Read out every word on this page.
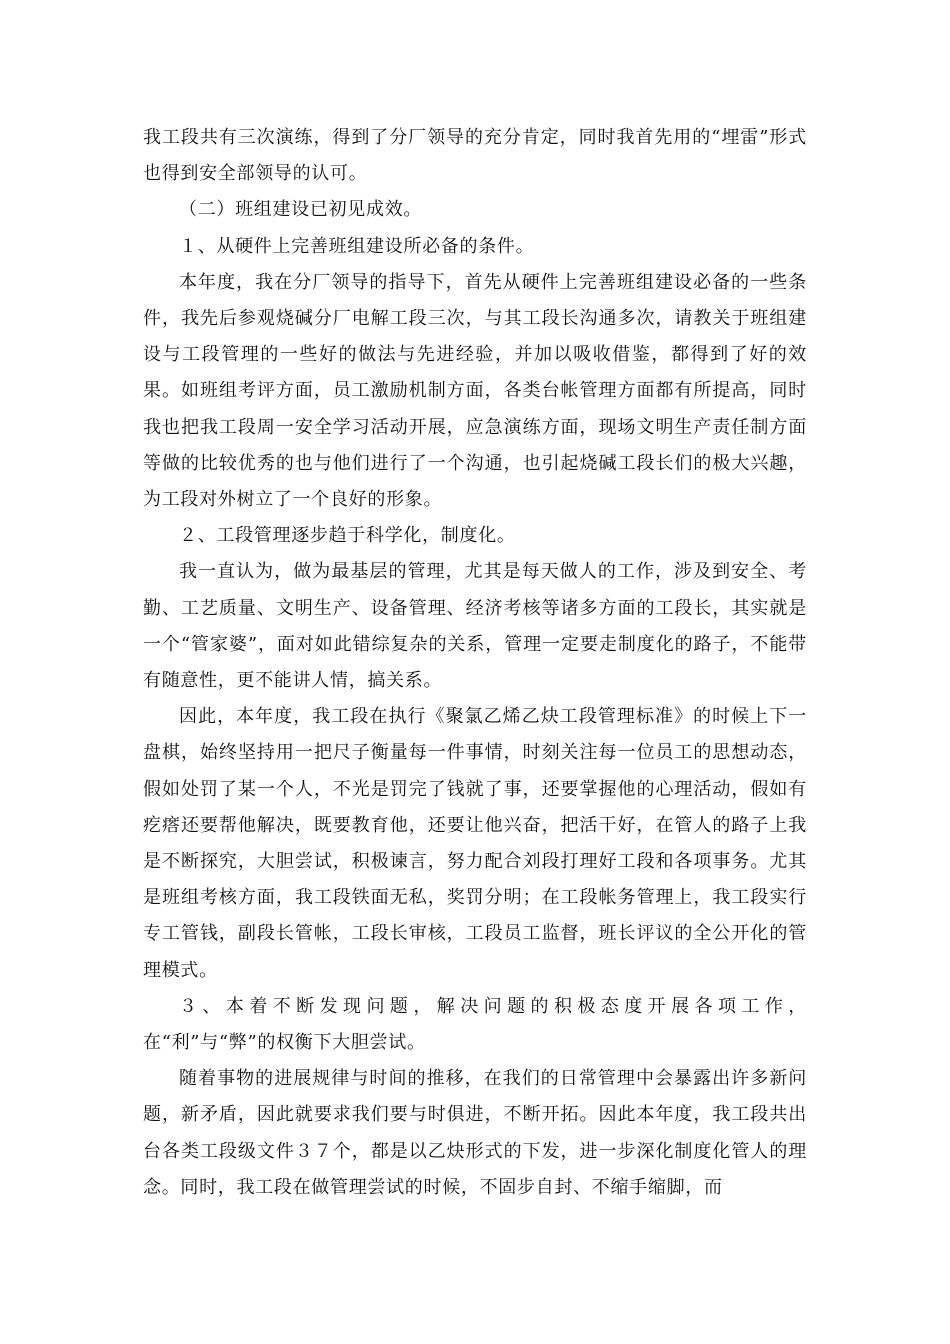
我工段共有三次演练，得到了分厂领导的充分肯定，同时我首先用的“埋雷”形式也得到安全部领导的认可。

（二）班组建设已初见成效。

１、从硬件上完善班组建设所必备的条件。

本年度，我在分厂领导的指导下，首先从硬件上完善班组建设必备的一些条件，我先后参观烧碱分厂电解工段三次，与其工段长沟通多次，请教关于班组建设与工段管理的一些好的做法与先进经验，并加以吸收借鉴，都得到了好的效果。如班组考评方面，员工激励机制方面，各类台帐管理方面都有所提高，同时我也把我工段周一安全学习活动开展，应急演练方面，现场文明生产责任制方面等做的比较优秀的也与他们进行了一个沟通，也引起烧碱工段长们的极大兴趣，为工段对外树立了一个良好的形象。

２、工段管理逐步趋于科学化，制度化。

我一直认为，做为最基层的管理，尤其是每天做人的工作，涉及到安全、考勤、工艺质量、文明生产、设备管理、经济考核等诸多方面的工段长，其实就是一个“管家婆”，面对如此错综复杂的关系，管理一定要走制度化的路子，不能带有随意性，更不能讲人情，搞关系。

因此，本年度，我工段在执行《聚氯乙烯乙炔工段管理标准》的时候上下一盘棋，始终坚持用一把尺子衡量每一件事情，时刻关注每一位员工的思想动态，假如处罚了某一个人，不光是罚完了钱就了事，还要掌握他的心理活动，假如有疙瘩还要帮他解决，既要教育他，还要让他兴奋，把活干好，在管人的路子上我是不断探究，大胆尝试，积极谏言，努力配合刘段打理好工段和各项事务。尤其是班组考核方面，我工段铁面无私，奖罚分明；在工段帐务管理上，我工段实行专工管钱，副段长管帐，工段长审核，工段员工监督，班长评议的全公开化的管理模式。

３、本着不断发现问题，解决问题的积极态度开展各项工作，在“利”与“弊”的权衡下大胆尝试。

随着事物的进展规律与时间的推移，在我们的日常管理中会暴露出许多新问题，新矛盾，因此就要求我们要与时俱进，不断开拓。因此本年度，我工段共出台各类工段级文件３７个，都是以乙炔形式的下发，进一步深化制度化管人的理念。同时，我工段在做管理尝试的时候，不固步自封、不缩手缩脚，而
